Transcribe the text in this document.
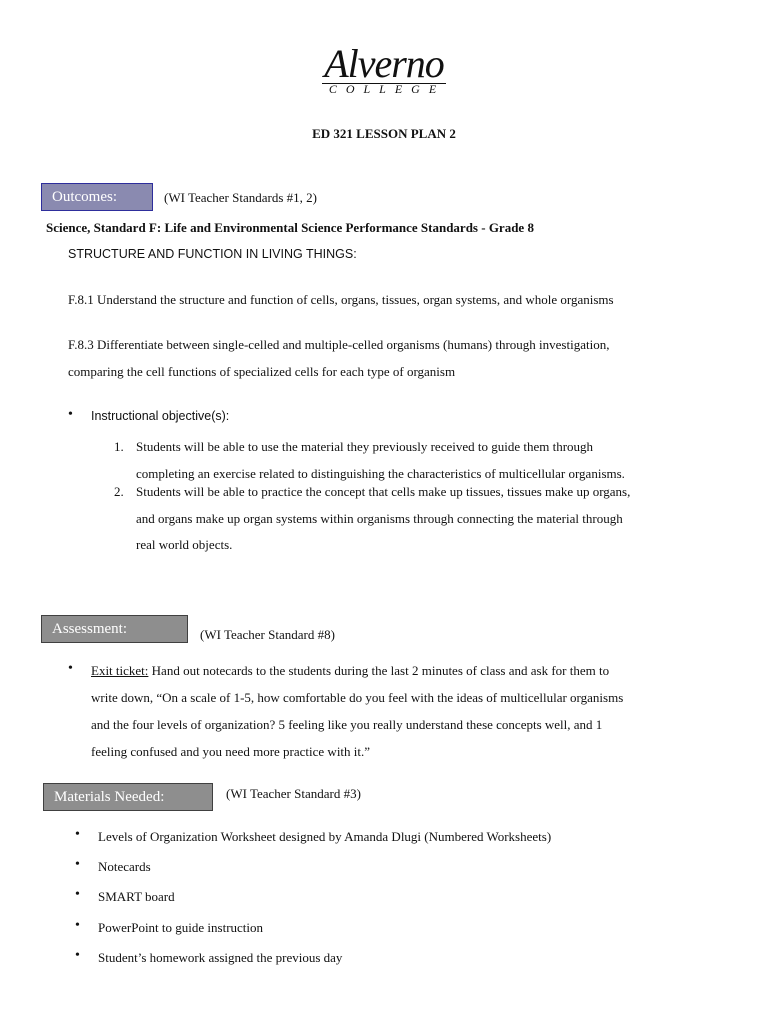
Alverno
COLLEGE
ED 321 LESSON PLAN 2
Outcomes:	(WI Teacher Standards #1, 2)
Science, Standard F: Life and Environmental Science Performance Standards - Grade 8
STRUCTURE AND FUNCTION IN LIVING THINGS:
F.8.1 Understand the structure and function of cells, organs, tissues, organ systems, and whole organisms
F.8.3 Differentiate between single-celled and multiple-celled organisms (humans) through investigation,
comparing the cell functions of specialized cells for each type of organism
• Instructional objective(s):
1. Students will be able to use the material they previously received to guide them through
completing an exercise related to distinguishing the characteristics of multicellular organisms.
2. Students will be able to practice the concept that cells make up tissues, tissues make up organs,
and organs make up organ systems within organisms through connecting the material through
real world objects.
Assessment:	(WI Teacher Standard #8)
• Exit ticket: Hand out notecards to the students during the last 2 minutes of class and ask for them to
write down, “On a scale of 1-5, how comfortable do you feel with the ideas of multicellular organisms
and the four levels of organization? 5 feeling like you really understand these concepts well, and 1
feeling confused and you need more practice with it.”
Materials Needed:	(WI Teacher Standard #3)
• Levels of Organization Worksheet designed by Amanda Dlugi (Numbered Worksheets)
• Notecards
• SMART board
• PowerPoint to guide instruction
• Student’s homework assigned the previous day
